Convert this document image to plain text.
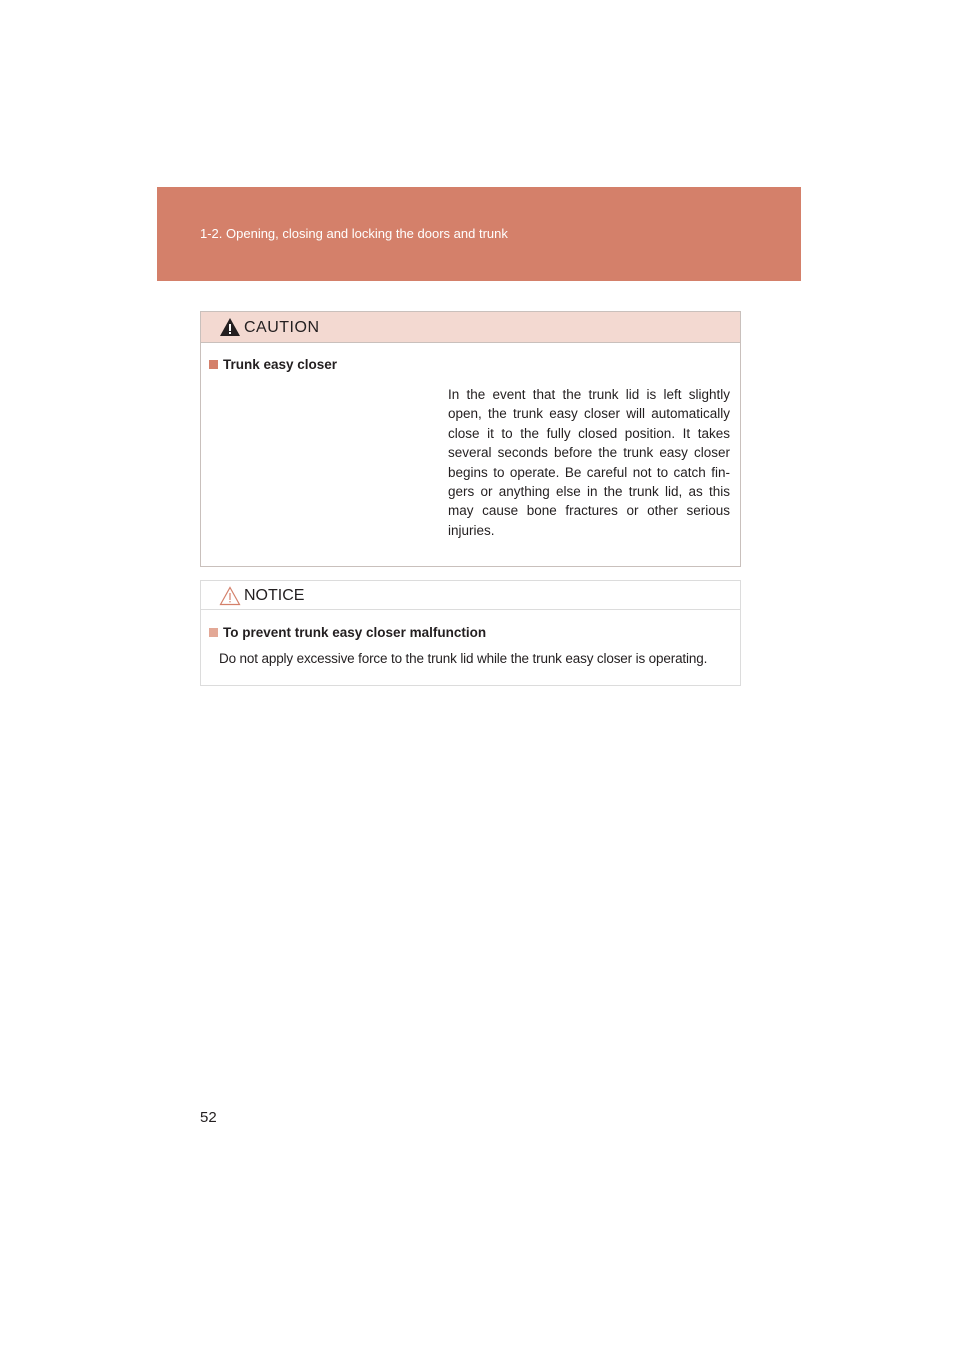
1-2. Opening, closing and locking the doors and trunk
CAUTION
Trunk easy closer
In the event that the trunk lid is left slightly open, the trunk easy closer will automatically close it to the fully closed position. It takes several seconds before the trunk easy closer begins to operate. Be careful not to catch fin-gers or anything else in the trunk lid, as this may cause bone fractures or other serious injuries.
NOTICE
To prevent trunk easy closer malfunction
Do not apply excessive force to the trunk lid while the trunk easy closer is operating.
52
